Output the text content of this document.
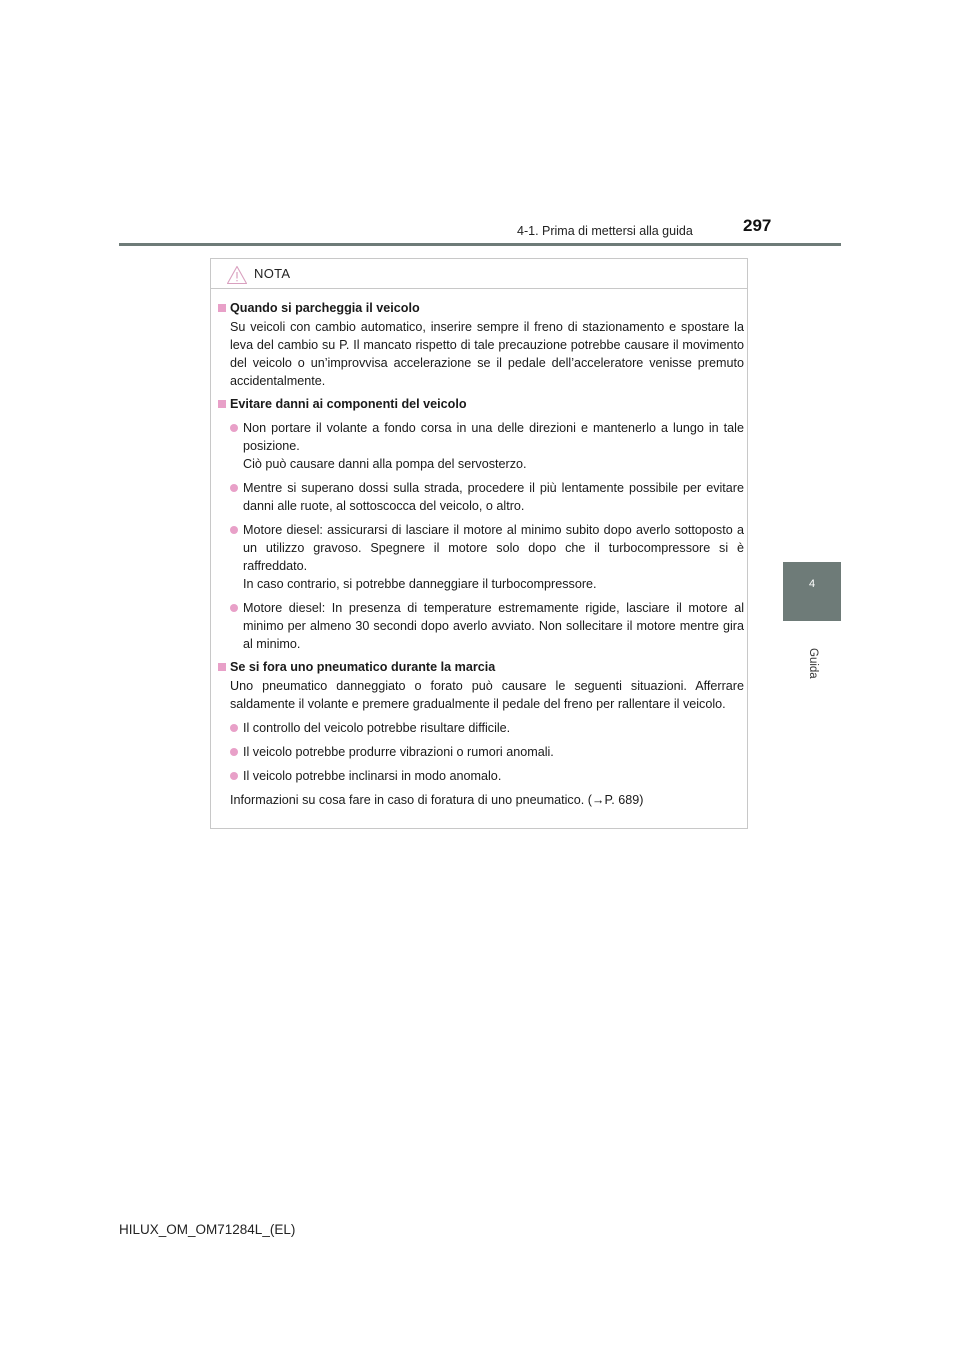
4-1. Prima di mettersi alla guida	297
4
Guida
NOTA
Quando si parcheggia il veicolo
Su veicoli con cambio automatico, inserire sempre il freno di stazionamento e spostare la leva del cambio su P. Il mancato rispetto di tale precauzione potrebbe causare il movimento del veicolo o un’improvvisa accelerazione se il pedale dell’acceleratore venisse premuto accidentalmente.
Evitare danni ai componenti del veicolo
Non portare il volante a fondo corsa in una delle direzioni e mantenerlo a lungo in tale posizione.
Ciò può causare danni alla pompa del servosterzo.
Mentre si superano dossi sulla strada, procedere il più lentamente possibile per evitare danni alle ruote, al sottoscocca del veicolo, o altro.
Motore diesel: assicurarsi di lasciare il motore al minimo subito dopo averlo sottoposto a un utilizzo gravoso. Spegnere il motore solo dopo che il turbocompressore si è raffreddato.
In caso contrario, si potrebbe danneggiare il turbocompressore.
Motore diesel: In presenza di temperature estremamente rigide, lasciare il motore al minimo per almeno 30 secondi dopo averlo avviato. Non sollecitare il motore mentre gira al minimo.
Se si fora uno pneumatico durante la marcia
Uno pneumatico danneggiato o forato può causare le seguenti situazioni. Afferrare saldamente il volante e premere gradualmente il pedale del freno per rallentare il veicolo.
Il controllo del veicolo potrebbe risultare difficile.
Il veicolo potrebbe produrre vibrazioni o rumori anomali.
Il veicolo potrebbe inclinarsi in modo anomalo.
Informazioni su cosa fare in caso di foratura di uno pneumatico. (→P. 689)
HILUX_OM_OM71284L_(EL)
